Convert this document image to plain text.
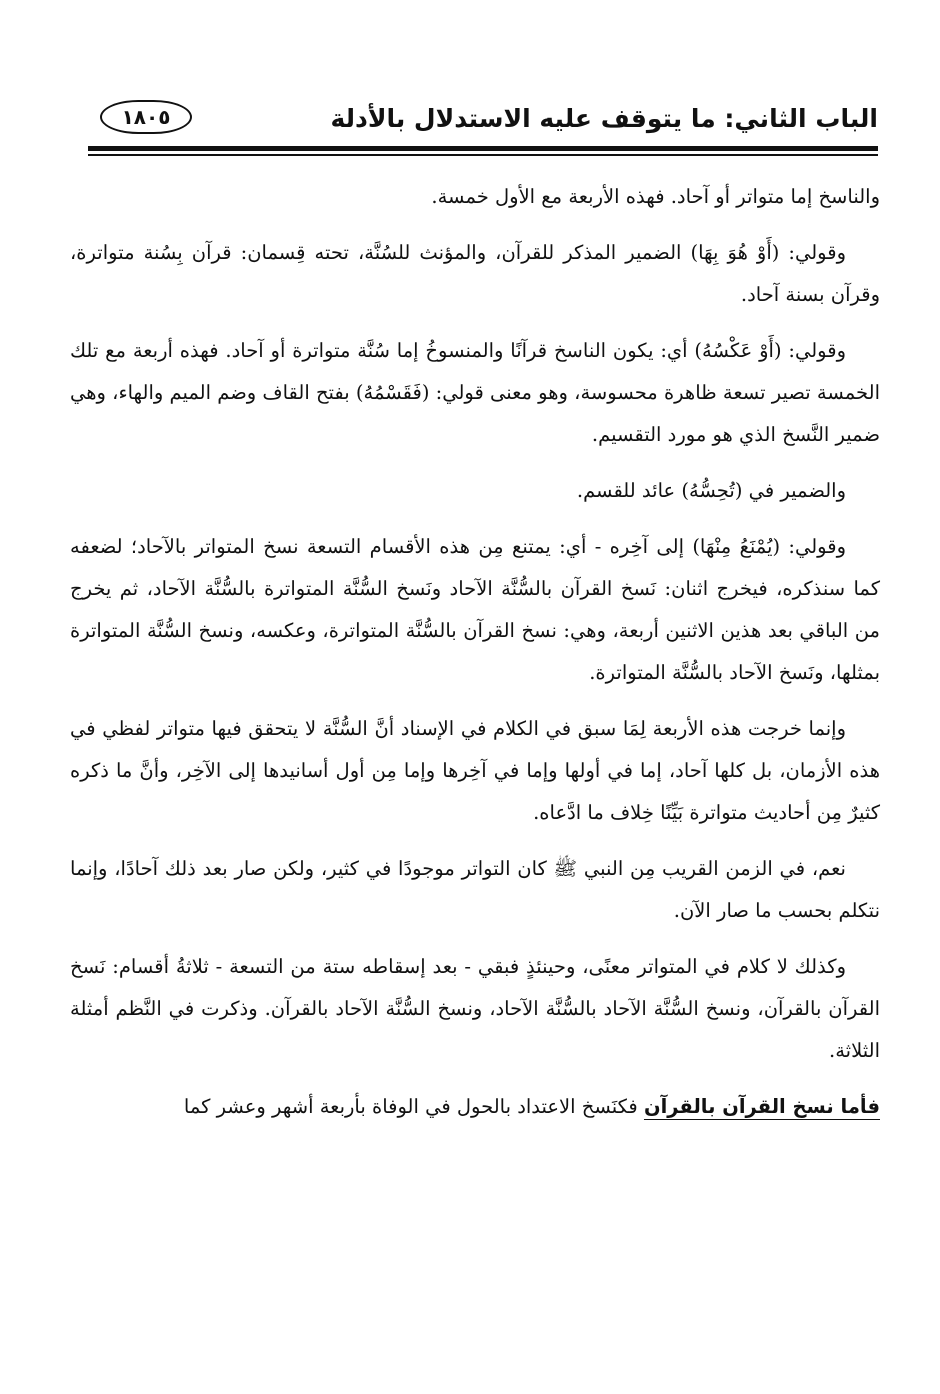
الباب الثاني: ما يتوقف عليه الاستدلال بالأدلة
١٨٠٥

والناسخ إما متواتر أو آحاد. فهذه الأربعة مع الأول خمسة.

وقولي: (أَوْ هُوَ بِهَا) الضمير المذكر للقرآن، والمؤنث للسُنَّة، تحته قِسمان: قرآن بِسُنة متواترة، وقرآن بسنة آحاد.

وقولي: (أَوْ عَكْسُهُ) أي: يكون الناسخ قرآنًا والمنسوخُ إما سُنَّة متواترة أو آحاد. فهذه أربعة مع تلك الخمسة تصير تسعة ظاهرة محسوسة، وهو معنى قولي: (فَقَسْمُهُ) بفتح القاف وضم الميم والهاء، وهي ضمير النَّسخ الذي هو مورد التقسيم.

والضمير في (تُحِسُّهُ) عائد للقسم.

وقولي: (يُمْنَعُ مِنْهَا) إلى آخِره - أي: يمتنع مِن هذه الأقسام التسعة نسخ المتواتر بالآحاد؛ لضعفه كما سنذكره، فيخرج اثنان: نَسخ القرآن بالسُّنَّة الآحاد ونَسخ السُّنَّة المتواترة بالسُّنَّة الآحاد، ثم يخرج من الباقي بعد هذين الاثنين أربعة، وهي: نسخ القرآن بالسُّنَّة المتواترة، وعكسه، ونسخ السُّنَّة المتواترة بمثلها، ونَسخ الآحاد بالسُّنَّة المتواترة.

وإنما خرجت هذه الأربعة لِمَا سبق في الكلام في الإسناد أنَّ السُّنَّة لا يتحقق فيها متواتر لفظي في هذه الأزمان، بل كلها آحاد، إما في أولها وإما في آخِرها وإما مِن أول أسانيدها إلى الآخِر، وأنَّ ما ذكره كثيرٌ مِن أحاديث متواترة بَيِّنًا خِلاف ما ادَّعاه.

نعم، في الزمن القريب مِن النبي ﷺ كان التواتر موجودًا في كثير، ولكن صار بعد ذلك آحادًا، وإنما نتكلم بحسب ما صار الآن.

وكذلك لا كلام في المتواتر معنًى، وحينئذٍ فبقي - بعد إسقاطه ستة من التسعة - ثلاثةُ أقسام: نَسخ القرآن بالقرآن، ونسخ السُّنَّة الآحاد بالسُّنَّة الآحاد، ونسخ السُّنَّة الآحاد بالقرآن. وذكرت في النَّظم أمثلة الثلاثة.

فأما نسخ القرآن بالقرآن فكنَسخ الاعتداد بالحول في الوفاة بأربعة أشهر وعشر كما
